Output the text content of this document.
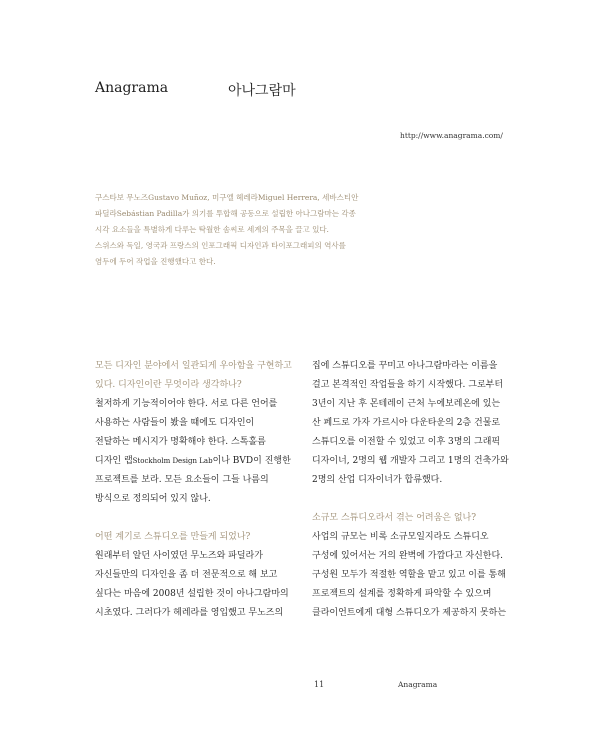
Anagrama	아나그람마
http://www.anagrama.com/
구스타보 무노즈Gustavo Muñoz, 미구엘 헤레라Miguel Herrera, 세바스티안
파딜라Sebástian Padilla가 의기를 투합해 공동으로 설립한 아나그람마는 각종
시각 요소들을 특별하게 다루는 탁월한 솜씨로 세계의 주목을 끌고 있다.
스위스와 독일, 영국과 프랑스의 인포그래픽 디자인과 타이포그래피의 역사를
염두에 두어 작업을 진행했다고 한다.
모든 디자인 분야에서 일관되게 우아함을 구현하고
있다. 디자인이란 무엇이라 생각하나?
철저하게 기능적이어야 한다. 서로 다른 언어를
사용하는 사람들이 봤을 때에도 디자인이
전달하는 메시지가 명확해야 한다. 스톡홀름
디자인 랩Stockholm Design Lab이나 BVD이 진행한
프로젝트를 보라. 모든 요소들이 그들 나름의
방식으로 정의되어 있지 않나.
어떤 계기로 스튜디오를 만들게 되었나?
원래부터 알던 사이였던 무노즈와 파딜라가
자신들만의 디자인을 좀 더 전문적으로 해 보고
싶다는 마음에 2008년 설립한 것이 아나그람마의
시초였다. 그러다가 헤레라를 영입했고 무노즈의
집에 스튜디오를 꾸미고 아나그람마라는 이름을
걸고 본격적인 작업들을 하기 시작했다. 그로부터
3년이 지난 후 몬테레이 근처 누에보레온에 있는
산 페드로 가자 가르시아 다운타운의 2층 건물로
스튜디오를 이전할 수 있었고 이후 3명의 그래픽
디자이너, 2명의 웹 개발자 그리고 1명의 건축가와
2명의 산업 디자이너가 합류했다.
소규모 스튜디오라서 겪는 어려움은 없나?
사업의 규모는 비록 소규모일지라도 스튜디오
구성에 있어서는 거의 완벽에 가깝다고 자신한다.
구성원 모두가 적절한 역할을 맡고 있고 이를 통해
프로젝트의 설계를 정확하게 파악할 수 있으며
클라이언트에게 대형 스튜디오가 제공하지 못하는
11	Anagrama
